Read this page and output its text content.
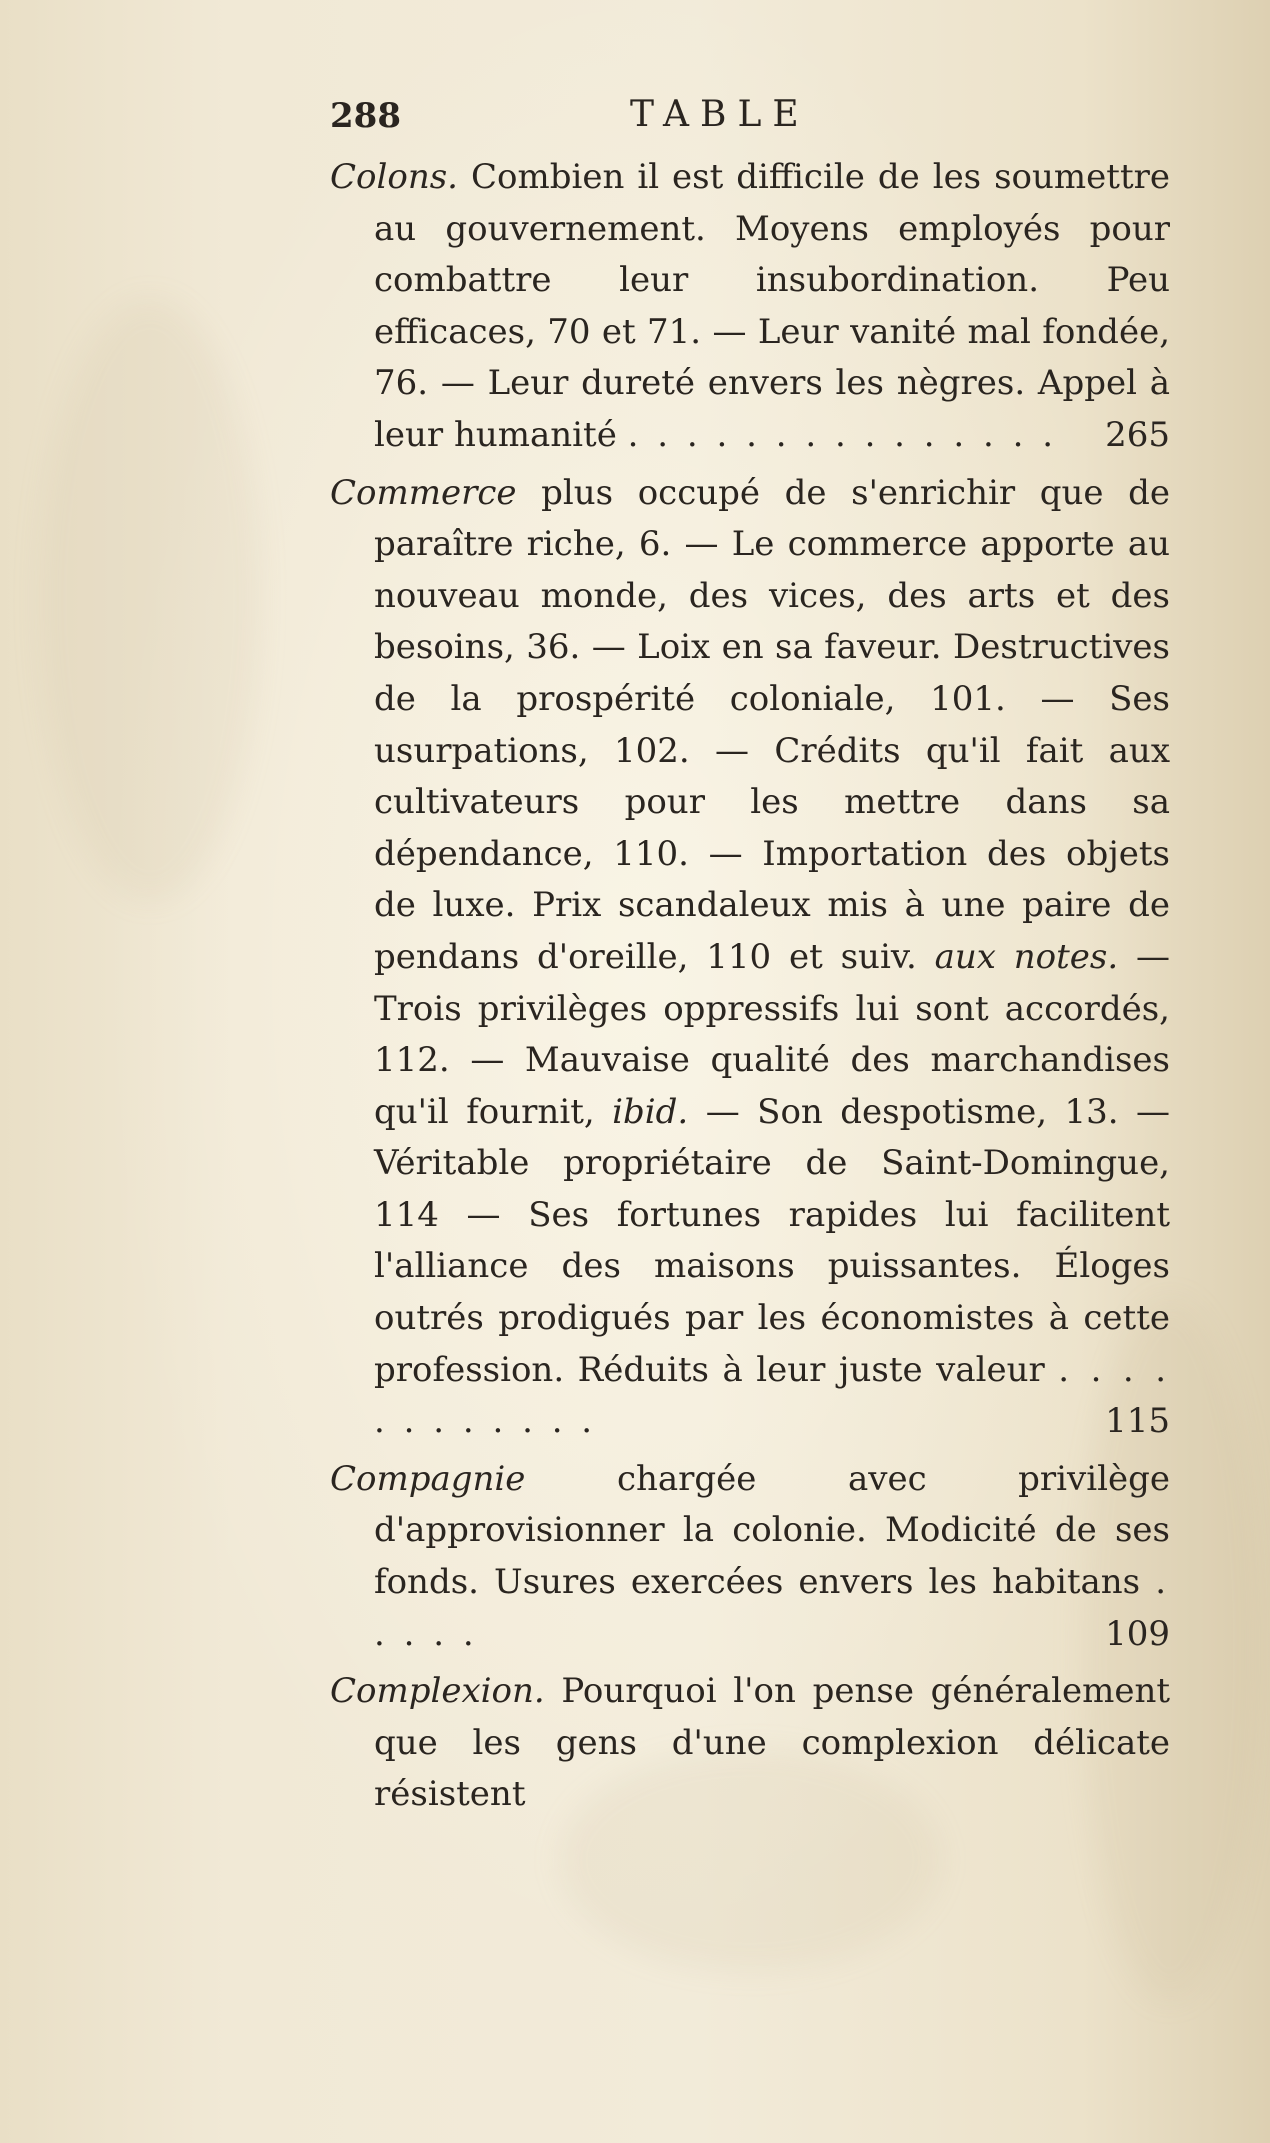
288	TABLE
Colons. Combien il est difficile de les soumettre au gouvernement. Moyens employés pour combattre leur insubordination. Peu efficaces, 70 et 71. — Leur vanité mal fondée, 76. — Leur dureté envers les nègres. Appel à leur humanité . . . . . . . . . . . . . . . 265
Commerce plus occupé de s'enrichir que de paraître riche, 6. — Le commerce apporte au nouveau monde, des vices, des arts et des besoins, 36. — Loix en sa faveur. Destructives de la prospérité coloniale, 101. — Ses usurpations, 102. — Crédits qu'il fait aux cultivateurs pour les mettre dans sa dépendance, 110. — Importation des objets de luxe. Prix scandaleux mis à une paire de pendans d'oreille, 110 et suiv. aux notes. — Trois privilèges oppressifs lui sont accordés, 112. — Mauvaise qualité des marchandises qu'il fournit, ibid. — Son despotisme, 13. — Véritable propriétaire de Saint-Domingue, 114 — Ses fortunes rapides lui facilitent l'alliance des maisons puissantes. Éloges outrés prodigués par les économistes à cette profession. Réduits à leur juste valeur . . . . . . . . . . . .	115
Compagnie chargée avec privilège d'approvisionner la colonie. Modicité de ses fonds. Usures exercées envers les habitans . . . . .	109
Complexion. Pourquoi l'on pense généralement que les gens d'une complexion délicate résistent
